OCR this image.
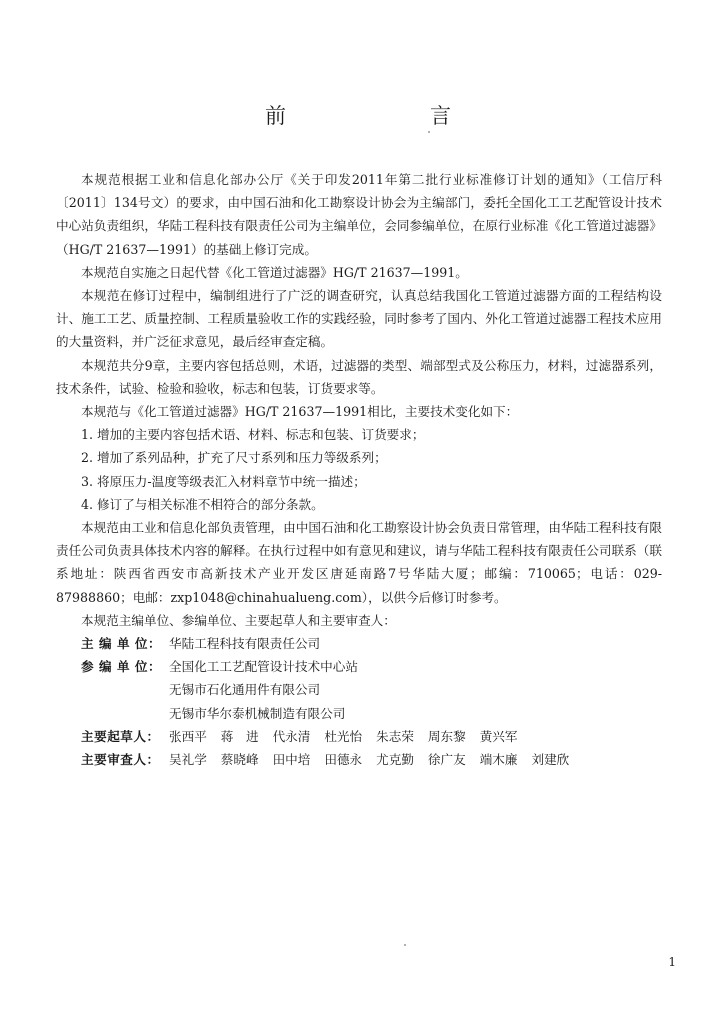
前　　言

本规范根据工业和信息化部办公厅《关于印发2011年第二批行业标准修订计划的通知》（工信厅科〔2011〕134号文）的要求，由中国石油和化工勘察设计协会为主编部门，委托全国化工工艺配管设计技术中心站负责组织，华陆工程科技有限责任公司为主编单位，会同参编单位，在原行业标准《化工管道过滤器》（HG/T 21637—1991）的基础上修订完成。

本规范自实施之日起代替《化工管道过滤器》HG/T 21637—1991。

本规范在修订过程中，编制组进行了广泛的调查研究，认真总结我国化工管道过滤器方面的工程结构设计、施工工艺、质量控制、工程质量验收工作的实践经验，同时参考了国内、外化工管道过滤器工程技术应用的大量资料，并广泛征求意见，最后经审查定稿。

本规范共分9章，主要内容包括总则，术语，过滤器的类型、端部型式及公称压力，材料，过滤器系列，技术条件，试验、检验和验收，标志和包装，订货要求等。

本规范与《化工管道过滤器》HG/T 21637—1991相比，主要技术变化如下：

1. 增加的主要内容包括术语、材料、标志和包装、订货要求；

2. 增加了系列品种，扩充了尺寸系列和压力等级系列；

3. 将原压力-温度等级表汇入材料章节中统一描述；

4. 修订了与相关标准不相符合的部分条款。

本规范由工业和信息化部负责管理，由中国石油和化工勘察设计协会负责日常管理，由华陆工程科技有限责任公司负责具体技术内容的解释。在执行过程中如有意见和建议，请与华陆工程科技有限责任公司联系（联系地址：陕西省西安市高新技术产业开发区唐延南路7号华陆大厦；邮编：710065；电话：029-87988860；电邮：zxp1048@chinahualueng.com），以供今后修订时参考。

本规范主编单位、参编单位、主要起草人和主要审查人：

主 编 单 位： 华陆工程科技有限责任公司
参 编 单 位： 全国化工工艺配管设计技术中心站
无锡市石化通用件有限公司
无锡市华尔泰机械制造有限公司
主要起草人： 张西平 蒋　进 代永清 杜光怡 朱志荣 周东黎 黄兴军
主要审查人： 吴礼学 蔡晓峰 田中培 田德永 尤克勤 徐广友 端木廉 刘建欣
1
